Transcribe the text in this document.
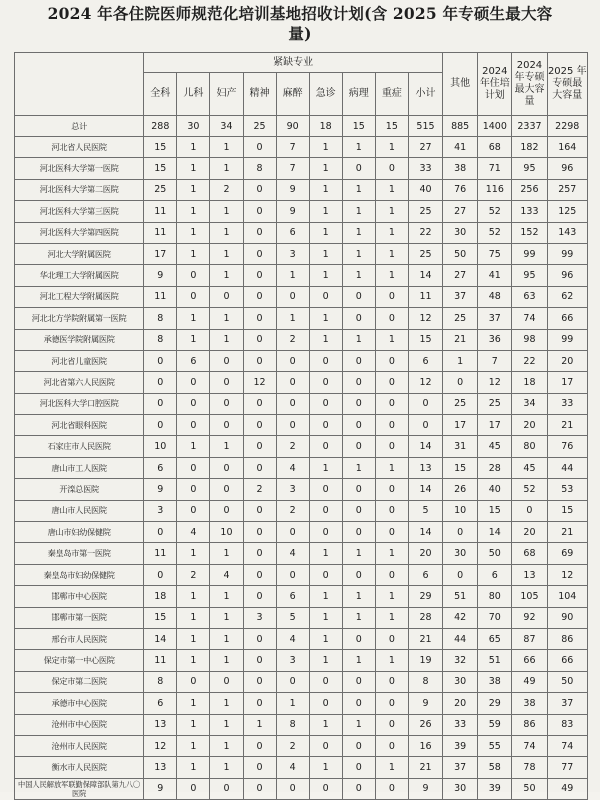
2024 年各住院医师规范化培训基地招收计划(含 2025 年专硕生最大容
量)
	紧缺专业									其他	2024 年住培计划	2024 年专硕最大容量	2025 年专硕最大容量
	全科	儿科	妇产	精神	麻醉	急诊	病理	重症	小计				
总计	288	30	34	25	90	18	15	15	515	885	1400	2337	2298
河北省人民医院	15	1	1	0	7	1	1	1	27	41	68	182	164
河北医科大学第一医院	15	1	1	8	7	1	0	0	33	38	71	95	96
河北医科大学第二医院	25	1	2	0	9	1	1	1	40	76	116	256	257
河北医科大学第三医院	11	1	1	0	9	1	1	1	25	27	52	133	125
河北医科大学第四医院	11	1	1	0	6	1	1	1	22	30	52	152	143
河北大学附属医院	17	1	1	0	3	1	1	1	25	50	75	99	99
华北理工大学附属医院	9	0	1	0	1	1	1	1	14	27	41	95	96
河北工程大学附属医院	11	0	0	0	0	0	0	0	11	37	48	63	62
河北北方学院附属第一医院	8	1	1	0	1	1	0	0	12	25	37	74	66
承德医学院附属医院	8	1	1	0	2	1	1	1	15	21	36	98	99
河北省儿童医院	0	6	0	0	0	0	0	0	6	1	7	22	20
河北省第六人民医院	0	0	0	12	0	0	0	0	12	0	12	18	17
河北医科大学口腔医院	0	0	0	0	0	0	0	0	0	25	25	34	33
河北省眼科医院	0	0	0	0	0	0	0	0	0	17	17	20	21
石家庄市人民医院	10	1	1	0	2	0	0	0	14	31	45	80	76
唐山市工人医院	6	0	0	0	4	1	1	1	13	15	28	45	44
开滦总医院	9	0	0	2	3	0	0	0	14	26	40	52	53
唐山市人民医院	3	0	0	0	2	0	0	0	5	10	15	0	15
唐山市妇幼保健院	0	4	10	0	0	0	0	0	14	0	14	20	21
秦皇岛市第一医院	11	1	1	0	4	1	1	1	20	30	50	68	69
秦皇岛市妇幼保健院	0	2	4	0	0	0	0	0	6	0	6	13	12
邯郸市中心医院	18	1	1	0	6	1	1	1	29	51	80	105	104
邯郸市第一医院	15	1	1	3	5	1	1	1	28	42	70	92	90
邢台市人民医院	14	1	1	0	4	1	0	0	21	44	65	87	86
保定市第一中心医院	11	1	1	0	3	1	1	1	19	32	51	66	66
保定市第二医院	8	0	0	0	0	0	0	0	8	30	38	49	50
承德市中心医院	6	1	1	0	1	0	0	0	9	20	29	38	37
沧州市中心医院	13	1	1	1	8	1	1	0	26	33	59	86	83
沧州市人民医院	12	1	1	0	2	0	0	0	16	39	55	74	74
衡水市人民医院	13	1	1	0	4	1	0	1	21	37	58	78	77
中国人民解放军联勤保障部队第九八〇医院	9	0	0	0	0	0	0	0	9	30	39	50	49
